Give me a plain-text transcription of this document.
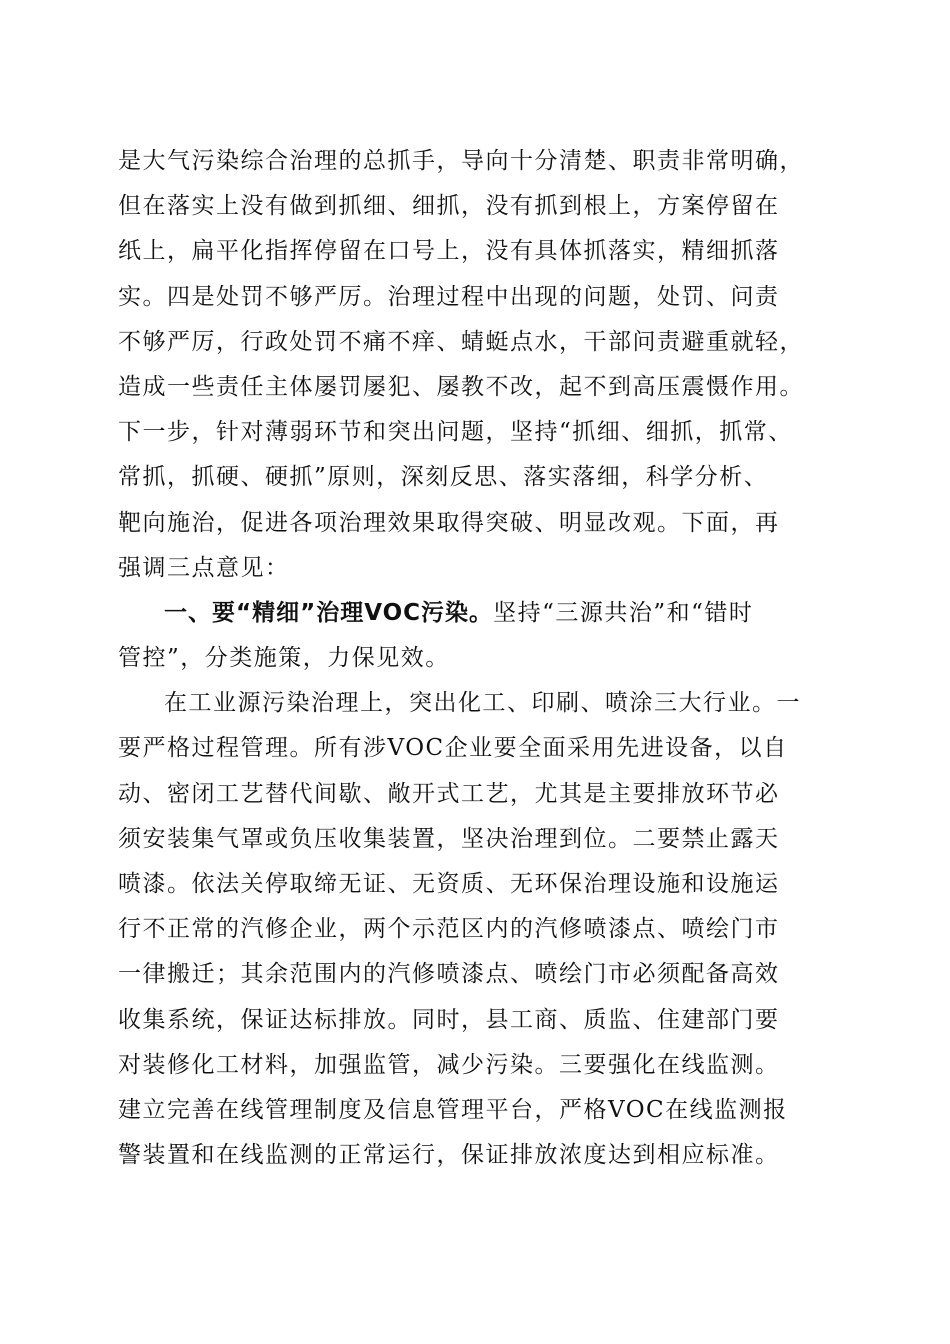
是大气污染综合治理的总抓手，导向十分清楚、职责非常明确，
但在落实上没有做到抓细、细抓，没有抓到根上，方案停留在
纸上，扁平化指挥停留在口号上，没有具体抓落实，精细抓落
实。四是处罚不够严厉。治理过程中出现的问题，处罚、问责
不够严厉，行政处罚不痛不痒、蜻蜓点水，干部问责避重就轻，
造成一些责任主体屡罚屡犯、屡教不改，起不到高压震慑作用。
下一步，针对薄弱环节和突出问题，坚持“抓细、细抓，抓常、
常抓，抓硬、硬抓”原则，深刻反思、落实落细，科学分析、
靶向施治，促进各项治理效果取得突破、明显改观。下面，再
强调三点意见：
一、要“精细”治理VOC污染。坚持“三源共治”和“错时
管控”，分类施策，力保见效。
在工业源污染治理上，突出化工、印刷、喷涂三大行业。一
要严格过程管理。所有涉VOC企业要全面采用先进设备，以自
动、密闭工艺替代间歇、敞开式工艺，尤其是主要排放环节必
须安装集气罩或负压收集装置，坚决治理到位。二要禁止露天
喷漆。依法关停取缔无证、无资质、无环保治理设施和设施运
行不正常的汽修企业，两个示范区内的汽修喷漆点、喷绘门市
一律搬迁；其余范围内的汽修喷漆点、喷绘门市必须配备高效
收集系统，保证达标排放。同时，县工商、质监、住建部门要
对装修化工材料，加强监管，减少污染。三要强化在线监测。
建立完善在线管理制度及信息管理平台，严格VOC在线监测报
警装置和在线监测的正常运行，保证排放浓度达到相应标准。
